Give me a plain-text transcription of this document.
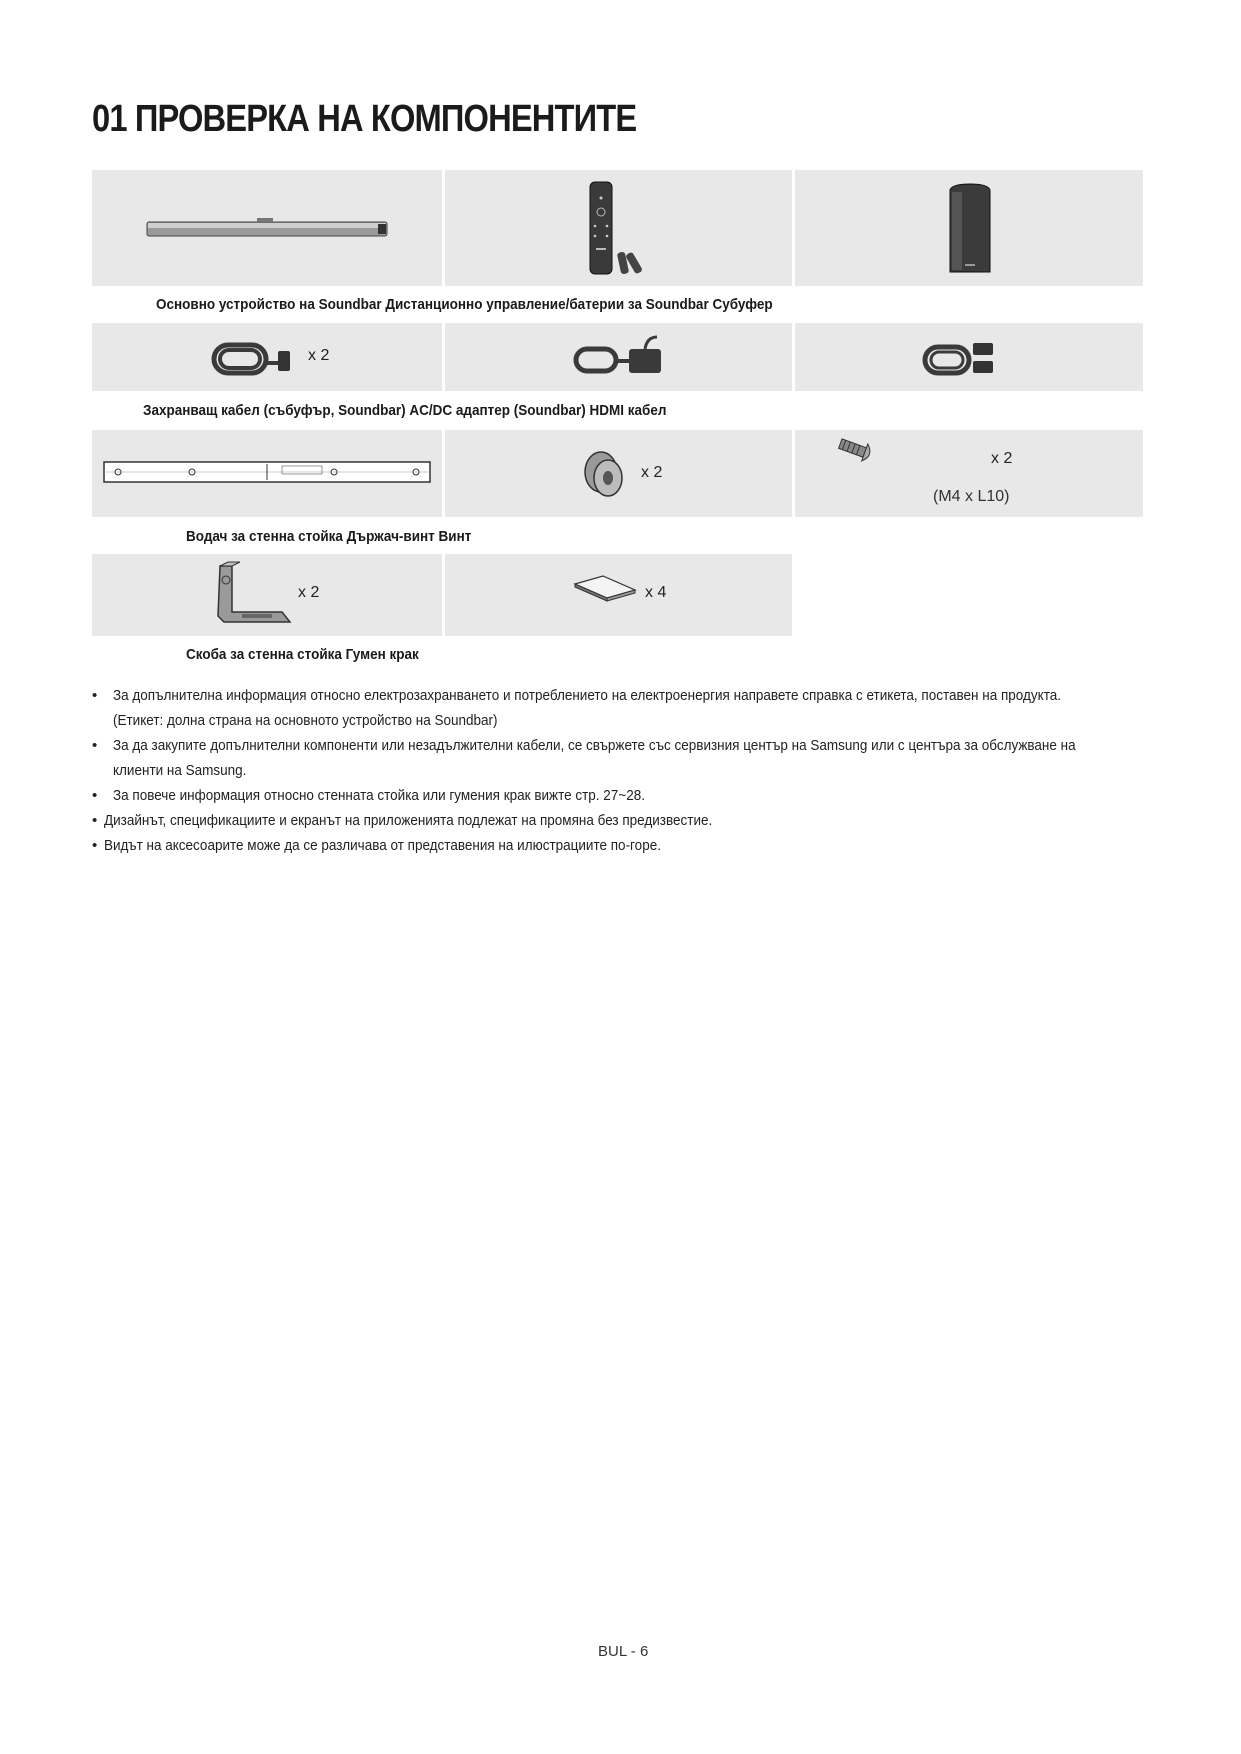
01 ПРОВЕРКА НА КОМПОНЕНТИТЕ
Основно устройство на Soundbar Дистанционно управление/батерии за Soundbar Субуфер
x 2
Захранващ кабел (събуфър, Soundbar) AC/DC адаптер (Soundbar) HDMI кабел
x 2
x 2
(M4 x L10)
Водач за стенна стойка Държач-винт Винт
x 2	x 4
Скоба за стенна стойка Гумен крак
• За допълнителна информация относно електрозахранването и потреблението на електроенергия направете справка с етикета, поставен на продукта.
(Етикет: долна страна на основното устройство на Soundbar)
• За да закупите допълнителни компоненти или незадължителни кабели, се свържете със сервизния център на Samsung или с центъра за обслужване на
клиенти на Samsung.
• За повече информация относно стенната стойка или гумения крак вижте стр. 27~28.
• Дизайнът, спецификациите и екранът на приложенията подлежат на промяна без предизвестие.
• Видът на аксесоарите може да се различава от представения на илюстрациите по-горе.
BUL - 6
